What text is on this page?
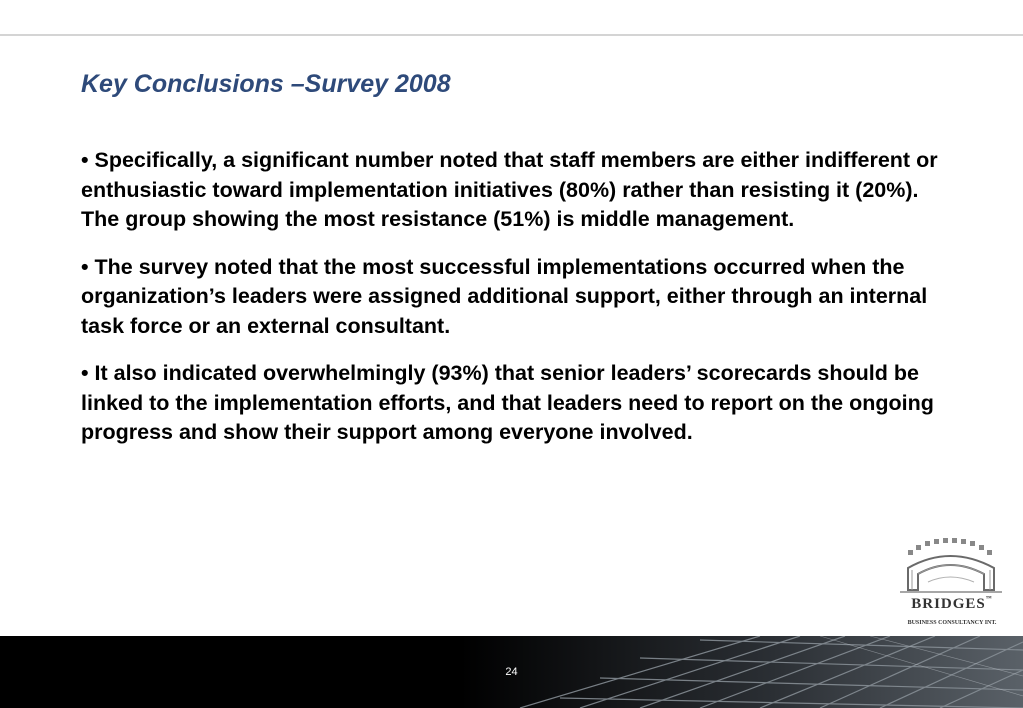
Key Conclusions –Survey 2008

• Specifically, a significant number noted that staff members are either indifferent or enthusiastic toward implementation initiatives (80%) rather than resisting it (20%). The group showing the most resistance (51%) is middle management.

• The survey noted that the most successful implementations occurred when the organization’s leaders were assigned additional support, either through an internal task force or an external consultant.

• It also indicated overwhelmingly (93%) that senior leaders’ scorecards should be linked to the implementation efforts, and that leaders need to report on the ongoing progress and show their support among everyone involved.

BRIDGES™
BUSINESS CONSULTANCY INT.
24
